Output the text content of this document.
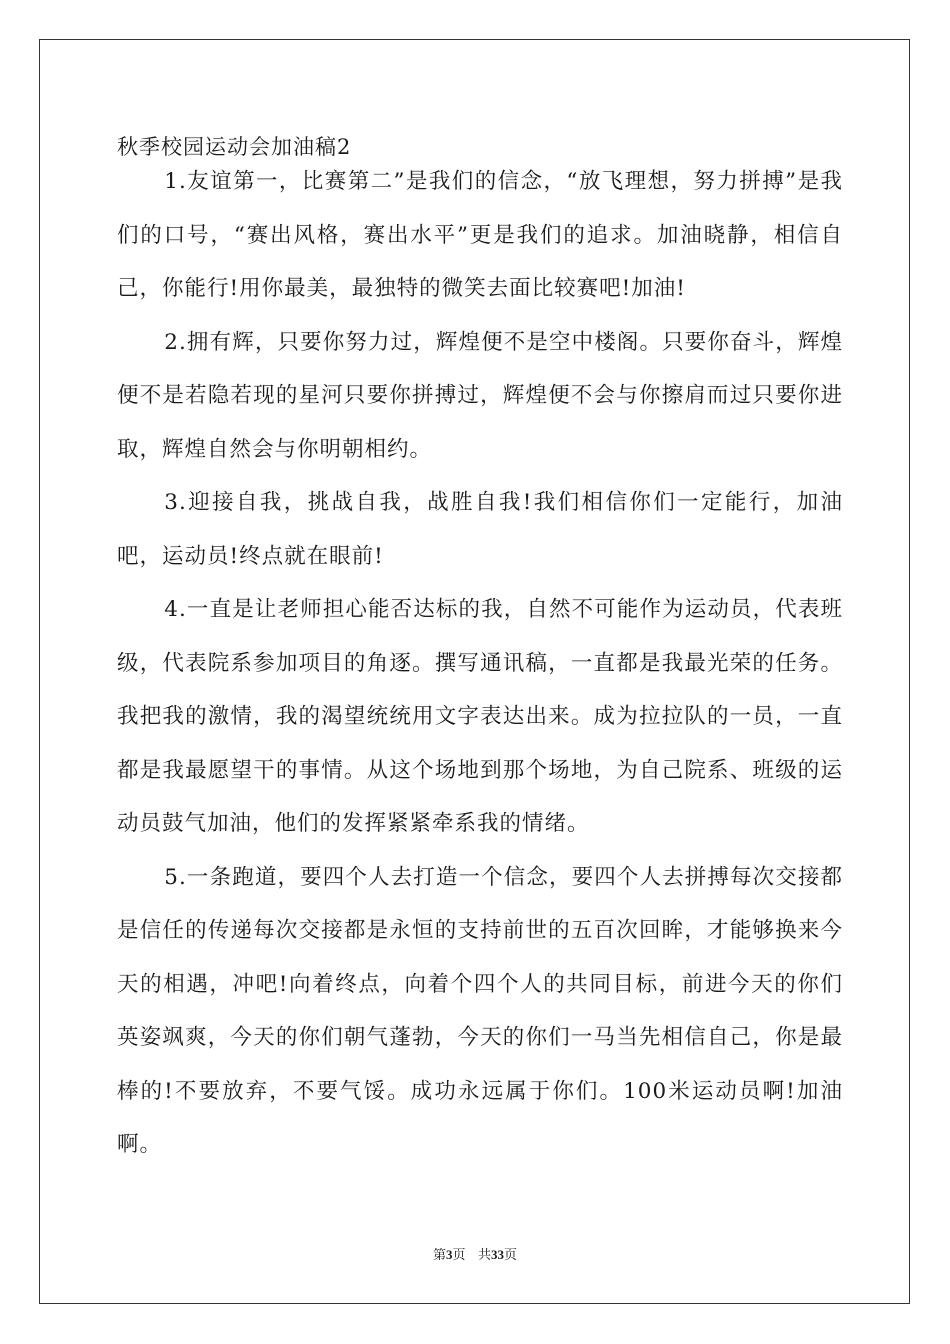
秋季校园运动会加油稿2

1.友谊第一，比赛第二”是我们的信念，“放飞理想，努力拼搏”是我们的口号，“赛出风格，赛出水平”更是我们的追求。加油晓静，相信自己，你能行!用你最美，最独特的微笑去面比较赛吧!加油!

2.拥有辉，只要你努力过，辉煌便不是空中楼阁。只要你奋斗，辉煌便不是若隐若现的星河只要你拼搏过，辉煌便不会与你擦肩而过只要你进取，辉煌自然会与你明朝相约。

3.迎接自我，挑战自我，战胜自我!我们相信你们一定能行，加油吧，运动员!终点就在眼前!

4.一直是让老师担心能否达标的我，自然不可能作为运动员，代表班级，代表院系参加项目的角逐。撰写通讯稿，一直都是我最光荣的任务。我把我的激情，我的渴望统统用文字表达出来。成为拉拉队的一员，一直都是我最愿望干的事情。从这个场地到那个场地，为自己院系、班级的运动员鼓气加油，他们的发挥紧紧牵系我的情绪。

5.一条跑道，要四个人去打造一个信念，要四个人去拼搏每次交接都是信任的传递每次交接都是永恒的支持前世的五百次回眸，才能够换来今天的相遇，冲吧!向着终点，向着个四个人的共同目标，前进今天的你们英姿飒爽，今天的你们朝气蓬勃，今天的你们一马当先相信自己，你是最棒的!不要放弃，不要气馁。成功永远属于你们。100米运动员啊!加油啊。

第3页 共33页
